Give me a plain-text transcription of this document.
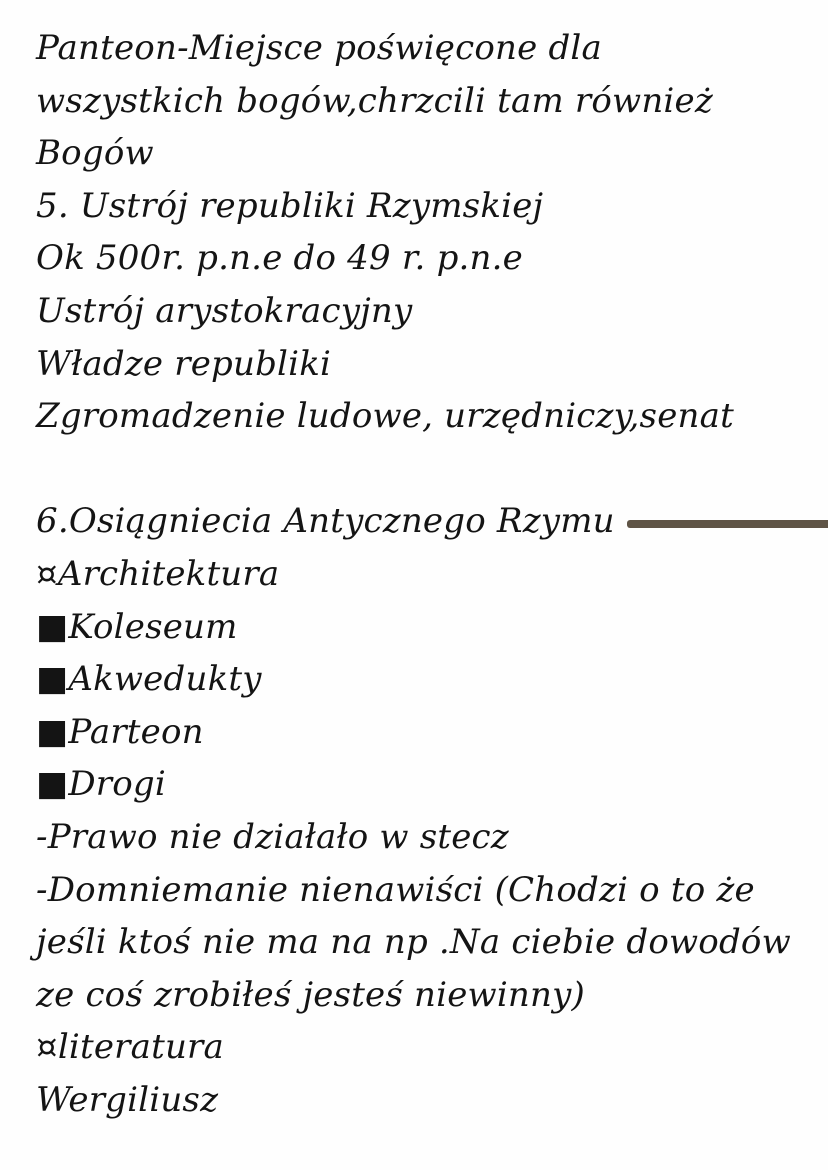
Panteon-Miejsce poświęcone dla
wszystkich bogów,chrzcili tam również
Bogów
5. Ustrój republiki Rzymskiej
Ok 500r. p.n.e do 49 r. p.n.e
Ustrój arystokracyjny
Władze republiki
Zgromadzenie ludowe, urzędniczy,senat
6.Osiągniecia Antycznego Rzymu
¤Architektura
■Koleseum
■Akwedukty
■Parteon
■Drogi
-Prawo nie działało w stecz
-Domniemanie nienawiści (Chodzi o to że
jeśli ktoś nie ma na np .Na ciebie dowodów
ze coś zrobiłeś jesteś niewinny)
¤literatura
Wergiliusz
